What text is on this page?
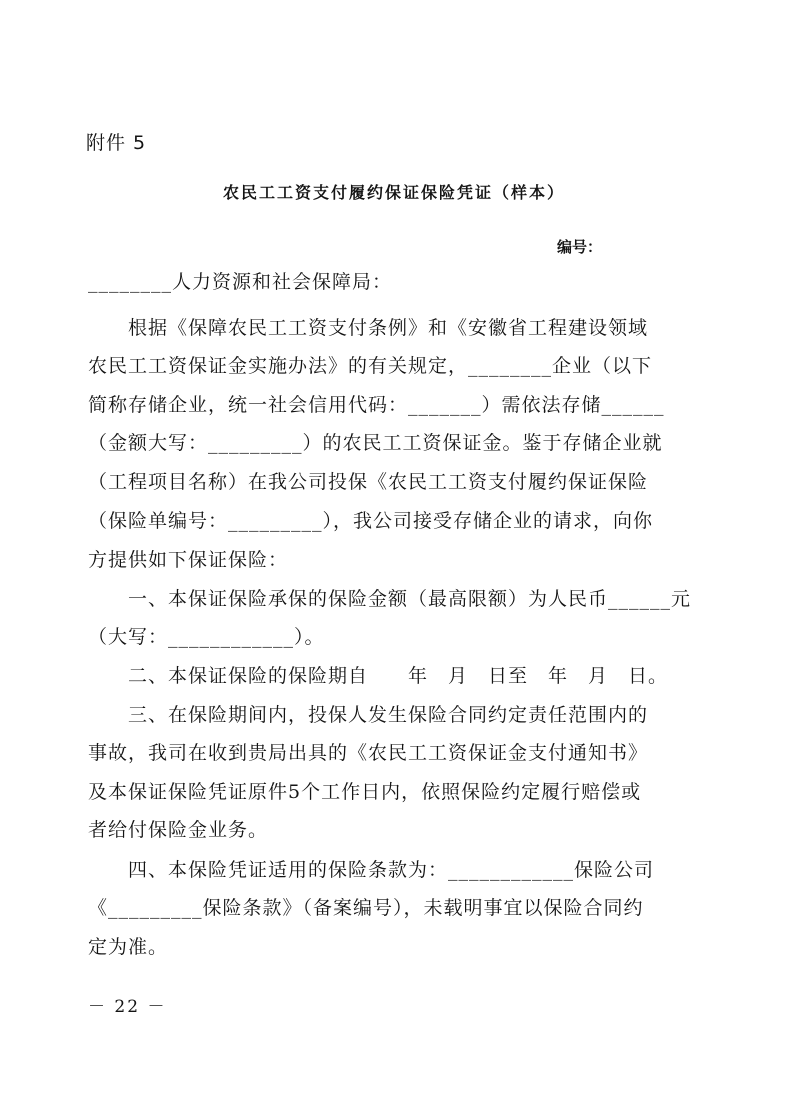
附件 5
农民工工资支付履约保证保险凭证（样本）
编号：
________人力资源和社会保障局：
　　根据《保障农民工工资支付条例》和《安徽省工程建设领域
农民工工资保证金实施办法》的有关规定，________企业（以下
简称存储企业，统一社会信用代码：_______）需依法存储______
（金额大写：_________）的农民工工资保证金。鉴于存储企业就
（工程项目名称）在我公司投保《农民工工资支付履约保证保险
（保险单编号：_________），我公司接受存储企业的请求，向你
方提供如下保证保险：
　　一、本保证保险承保的保险金额（最高限额）为人民币______元
（大写：____________）。
　　二、本保证保险的保险期自　　年　月　日至　年　月　日。
　　三、在保险期间内，投保人发生保险合同约定责任范围内的
事故，我司在收到贵局出具的《农民工工资保证金支付通知书》
及本保证保险凭证原件5个工作日内，依照保险约定履行赔偿或
者给付保险金业务。
　　四、本保险凭证适用的保险条款为：____________保险公司
《_________保险条款》（备案编号），未载明事宜以保险合同约
定为准。
－ 22 －
